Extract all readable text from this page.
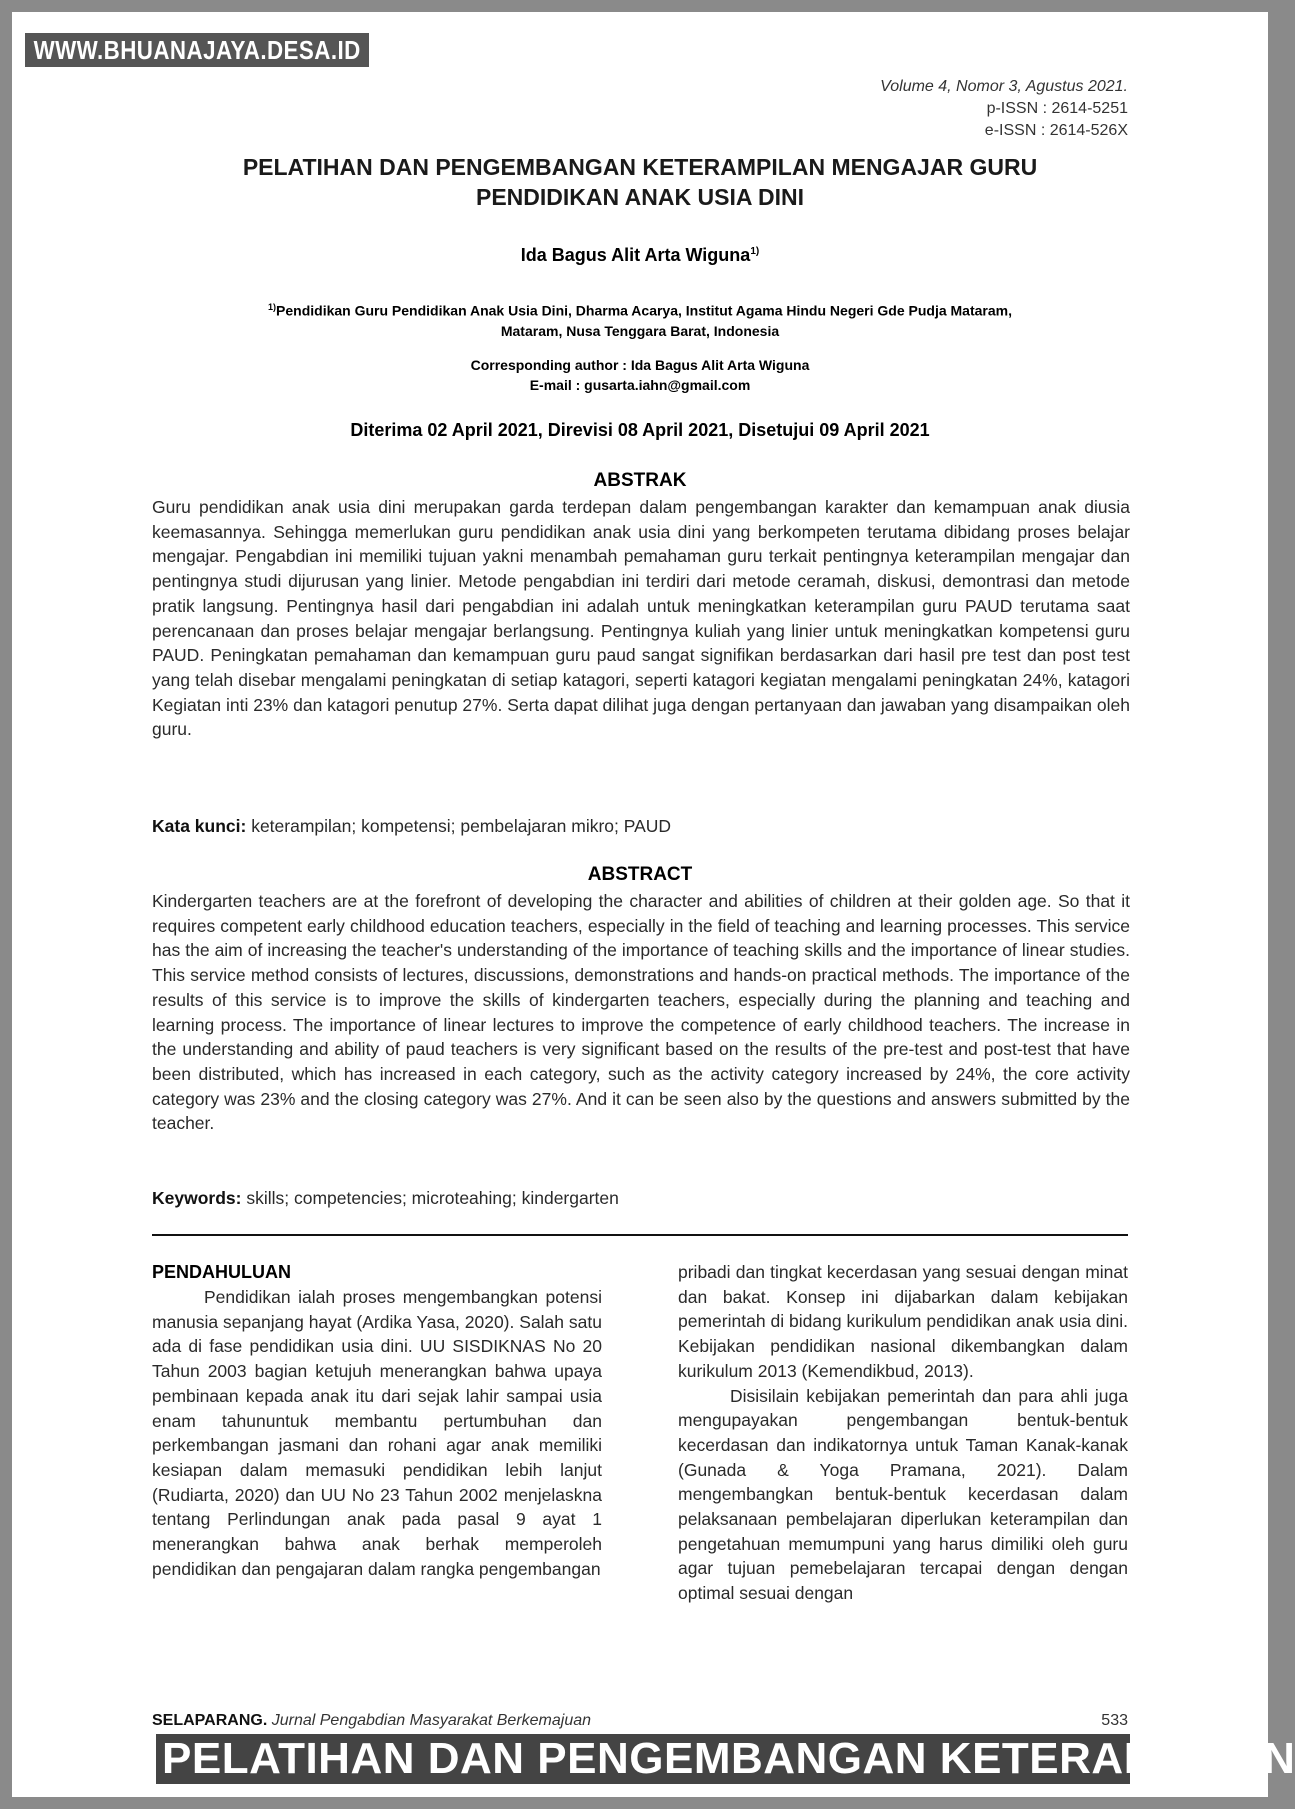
WWW.BHUANAJAYA.DESA.ID
Volume 4, Nomor 3, Agustus 2021.
p-ISSN : 2614-5251
e-ISSN : 2614-526X
PELATIHAN DAN PENGEMBANGAN KETERAMPILAN MENGAJAR GURU
PENDIDIKAN ANAK USIA DINI
Ida Bagus Alit Arta Wiguna$^{1)}$
$^{1)}$Pendidikan Guru Pendidikan Anak Usia Dini, Dharma Acarya, Institut Agama Hindu Negeri Gde Pudja Mataram,
Mataram, Nusa Tenggara Barat, Indonesia
Corresponding author : Ida Bagus Alit Arta Wiguna
E-mail : gusarta.iahn@gmail.com
Diterima 02 April 2021, Direvisi 08 April 2021, Disetujui 09 April 2021
ABSTRAK
Guru pendidikan anak usia dini merupakan garda terdepan dalam pengembangan karakter dan kemampuan anak diusia keemasannya. Sehingga memerlukan guru pendidikan anak usia dini yang berkompeten terutama dibidang proses belajar mengajar. Pengabdian ini memiliki tujuan yakni menambah pemahaman guru terkait pentingnya keterampilan mengajar dan pentingnya studi dijurusan yang linier. Metode pengabdian ini terdiri dari metode ceramah, diskusi, demontrasi dan metode pratik langsung. Pentingnya hasil dari pengabdian ini adalah untuk meningkatkan keterampilan guru PAUD terutama saat perencanaan dan proses belajar mengajar berlangsung. Pentingnya kuliah yang linier untuk meningkatkan kompetensi guru PAUD. Peningkatan pemahaman dan kemampuan guru paud sangat signifikan berdasarkan dari hasil pre test dan post test yang telah disebar mengalami peningkatan di setiap katagori, seperti katagori kegiatan mengalami peningkatan 24%, katagori Kegiatan inti 23% dan katagori penutup 27%. Serta dapat dilihat juga dengan pertanyaan dan jawaban yang disampaikan oleh guru.
Kata kunci: keterampilan; kompetensi; pembelajaran mikro; PAUD
ABSTRACT
Kindergarten teachers are at the forefront of developing the character and abilities of children at their golden age. So that it requires competent early childhood education teachers, especially in the field of teaching and learning processes. This service has the aim of increasing the teacher's understanding of the importance of teaching skills and the importance of linear studies. This service method consists of lectures, discussions, demonstrations and hands-on practical methods. The importance of the results of this service is to improve the skills of kindergarten teachers, especially during the planning and teaching and learning process. The importance of linear lectures to improve the competence of early childhood teachers. The increase in the understanding and ability of paud teachers is very significant based on the results of the pre-test and post-test that have been distributed, which has increased in each category, such as the activity category increased by 24%, the core activity category was 23% and the closing category was 27%. And it can be seen also by the questions and answers submitted by the teacher.
Keywords: skills; competencies; microteahing; kindergarten
PENDAHULUAN

Pendidikan ialah proses mengembangkan potensi manusia sepanjang hayat (Ardika Yasa, 2020). Salah satu ada di fase pendidikan usia dini. UU SISDIKNAS No 20 Tahun 2003 bagian ketujuh menerangkan bahwa upaya pembinaan kepada anak itu dari sejak lahir sampai usia enam tahununtuk membantu pertumbuhan dan perkembangan jasmani dan rohani agar anak memiliki kesiapan dalam memasuki pendidikan lebih lanjut (Rudiarta, 2020) dan UU No 23 Tahun 2002 menjelaskna tentang Perlindungan anak pada pasal 9 ayat 1 menerangkan bahwa anak berhak memperoleh pendidikan dan pengajaran dalam rangka pengembangan

pribadi dan tingkat kecerdasan yang sesuai dengan minat dan bakat. Konsep ini dijabarkan dalam kebijakan pemerintah di bidang kurikulum pendidikan anak usia dini. Kebijakan pendidikan nasional dikembangkan dalam kurikulum 2013 (Kemendikbud, 2013).

Disisilain kebijakan pemerintah dan para ahli juga mengupayakan pengembangan bentuk-bentuk kecerdasan dan indikatornya untuk Taman Kanak-kanak (Gunada & Yoga Pramana, 2021). Dalam mengembangkan bentuk-bentuk kecerdasan dalam pelaksanaan pembelajaran diperlukan keterampilan dan pengetahuan memumpuni yang harus dimiliki oleh guru agar tujuan pemebelajaran tercapai dengan dengan optimal sesuai dengan

SELAPARANG. Jurnal Pengabdian Masyarakat Berkemajuan	533
PELATIHAN DAN PENGEMBANGAN KETERAMPILAN
